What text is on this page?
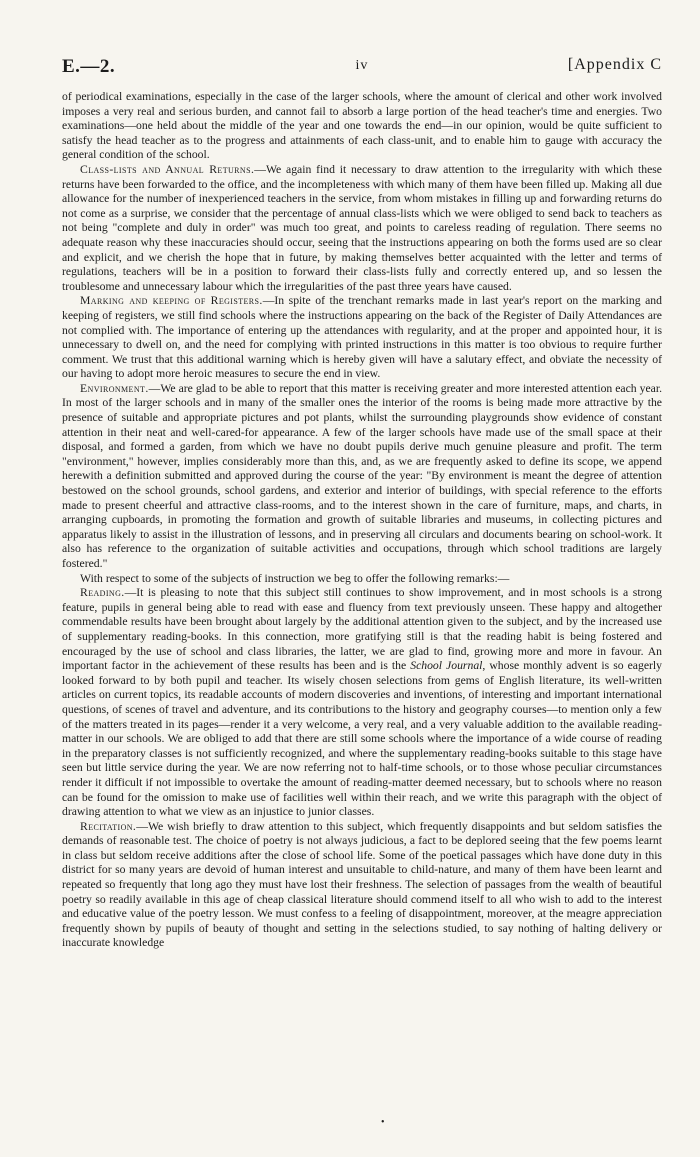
E.—2.	iv	[Appendix C

of periodical examinations, especially in the case of the larger schools, where the amount of clerical and other work involved imposes a very real and serious burden, and cannot fail to absorb a large portion of the head teacher's time and energies. Two examinations—one held about the middle of the year and one towards the end—in our opinion, would be quite sufficient to satisfy the head teacher as to the progress and attainments of each class-unit, and to enable him to gauge with accuracy the general condition of the school.

Class-lists and Annual Returns.—We again find it necessary to draw attention to the irregularity with which these returns have been forwarded to the office, and the incompleteness with which many of them have been filled up. Making all due allowance for the number of inexperienced teachers in the service, from whom mistakes in filling up and forwarding returns do not come as a surprise, we consider that the percentage of annual class-lists which we were obliged to send back to teachers as not being "complete and duly in order" was much too great, and points to careless reading of regulation. There seems no adequate reason why these inaccuracies should occur, seeing that the instructions appearing on both the forms used are so clear and explicit, and we cherish the hope that in future, by making themselves better acquainted with the letter and terms of regulations, teachers will be in a position to forward their class-lists fully and correctly entered up, and so lessen the troublesome and unnecessary labour which the irregularities of the past three years have caused.

Marking and keeping of Registers.—In spite of the trenchant remarks made in last year's report on the marking and keeping of registers, we still find schools where the instructions appearing on the back of the Register of Daily Attendances are not complied with. The importance of entering up the attendances with regularity, and at the proper and appointed hour, it is unnecessary to dwell on, and the need for complying with printed instructions in this matter is too obvious to require further comment. We trust that this additional warning which is hereby given will have a salutary effect, and obviate the necessity of our having to adopt more heroic measures to secure the end in view.

Environment.—We are glad to be able to report that this matter is receiving greater and more interested attention each year. In most of the larger schools and in many of the smaller ones the interior of the rooms is being made more attractive by the presence of suitable and appropriate pictures and pot plants, whilst the surrounding playgrounds show evidence of constant attention in their neat and well-cared-for appearance. A few of the larger schools have made use of the small space at their disposal, and formed a garden, from which we have no doubt pupils derive much genuine pleasure and profit. The term "environment," however, implies considerably more than this, and, as we are frequently asked to define its scope, we append herewith a definition submitted and approved during the course of the year: "By environment is meant the degree of attention bestowed on the school grounds, school gardens, and exterior and interior of buildings, with special reference to the efforts made to present cheerful and attractive class-rooms, and to the interest shown in the care of furniture, maps, and charts, in arranging cupboards, in promoting the formation and growth of suitable libraries and museums, in collecting pictures and apparatus likely to assist in the illustration of lessons, and in preserving all circulars and documents bearing on school-work. It also has reference to the organization of suitable activities and occupations, through which school traditions are largely fostered."

With respect to some of the subjects of instruction we beg to offer the following remarks:—

Reading.—It is pleasing to note that this subject still continues to show improvement, and in most schools is a strong feature, pupils in general being able to read with ease and fluency from text previously unseen. These happy and altogether commendable results have been brought about largely by the additional attention given to the subject, and by the increased use of supplementary reading-books. In this connection, more gratifying still is that the reading habit is being fostered and encouraged by the use of school and class libraries, the latter, we are glad to find, growing more and more in favour. An important factor in the achievement of these results has been and is the School Journal, whose monthly advent is so eagerly looked forward to by both pupil and teacher. Its wisely chosen selections from gems of English literature, its well-written articles on current topics, its readable accounts of modern discoveries and inventions, of interesting and important international questions, of scenes of travel and adventure, and its contributions to the history and geography courses—to mention only a few of the matters treated in its pages—render it a very welcome, a very real, and a very valuable addition to the available reading-matter in our schools. We are obliged to add that there are still some schools where the importance of a wide course of reading in the preparatory classes is not sufficiently recognized, and where the supplementary reading-books suitable to this stage have seen but little service during the year. We are now referring not to half-time schools, or to those whose peculiar circumstances render it difficult if not impossible to overtake the amount of reading-matter deemed necessary, but to schools where no reason can be found for the omission to make use of facilities well within their reach, and we write this paragraph with the object of drawing attention to what we view as an injustice to junior classes.

Recitation.—We wish briefly to draw attention to this subject, which frequently disappoints and but seldom satisfies the demands of reasonable test. The choice of poetry is not always judicious, a fact to be deplored seeing that the few poems learnt in class but seldom receive additions after the close of school life. Some of the poetical passages which have done duty in this district for so many years are devoid of human interest and unsuitable to child-nature, and many of them have been learnt and repeated so frequently that long ago they must have lost their freshness. The selection of passages from the wealth of beautiful poetry so readily available in this age of cheap classical literature should commend itself to all who wish to add to the interest and educative value of the poetry lesson. We must confess to a feeling of disappointment, moreover, at the meagre appreciation frequently shown by pupils of beauty of thought and setting in the selections studied, to say nothing of halting delivery or inaccurate knowledge

•
